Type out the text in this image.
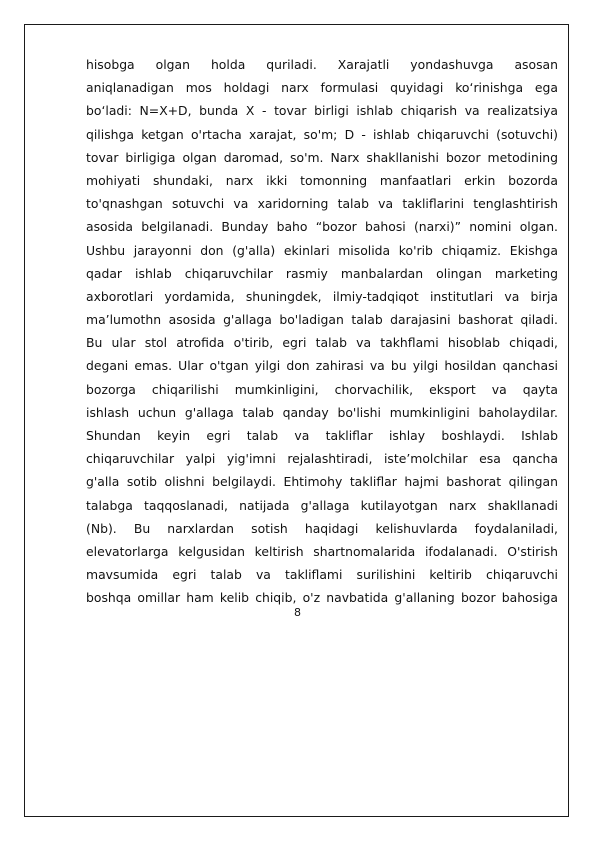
hisobga olgan holda quriladi. Xarajatli yondashuvga asosan
aniqlanadigan mos holdagi narx formulasi quyidagi ko‘rinishga ega
bo‘ladi: N=X+D, bunda X - tovar birligi ishlab chiqarish va realizatsiya
qilishga ketgan o'rtacha xarajat, so'm; D - ishlab chiqaruvchi (sotuvchi)
tovar birligiga olgan daromad, so'm. Narx shakllanishi bozor metodining
mohiyati shundaki, narx ikki tomonning manfaatlari erkin bozorda
to'qnashgan sotuvchi va xaridorning talab va takliflarini tenglashtirish
asosida belgilanadi. Bunday baho “bozor bahosi (narxi)” nomini olgan.
Ushbu jarayonni don (g'alla) ekinlari misolida ko'rib chiqamiz. Ekishga
qadar ishlab chiqaruvchilar rasmiy manbalardan olingan marketing
axborotlari yordamida, shuningdek, ilmiy-tadqiqot institutlari va birja
ma’lumothn asosida g'allaga bo'ladigan talab darajasini bashorat qiladi.
Bu ular stol atrofida o'tirib, egri talab va takhflami hisoblab chiqadi,
degani emas. Ular o'tgan yilgi don zahirasi va bu yilgi hosildan qanchasi
bozorga chiqarilishi mumkinligini, chorvachilik, eksport va qayta
ishlash uchun g'allaga talab qanday bo'lishi mumkinligini baholaydilar.
Shundan keyin egri talab va takliflar ishlay boshlaydi. Ishlab
chiqaruvchilar yalpi yig'imni rejalashtiradi, iste’molchilar esa qancha
g'alla sotib olishni belgilaydi. Ehtimohy takliflar hajmi bashorat qilingan
talabga taqqoslanadi, natijada g'allaga kutilayotgan narx shakllanadi
(Nb). Bu narxlardan sotish haqidagi kelishuvlarda foydalaniladi,
elevatorlarga kelgusidan keltirish shartnomalarida ifodalanadi. O'stirish
mavsumida egri talab va takliflami surilishini keltirib chiqaruvchi
boshqa omillar ham kelib chiqib, o'z navbatida g'allaning bozor bahosiga
8
